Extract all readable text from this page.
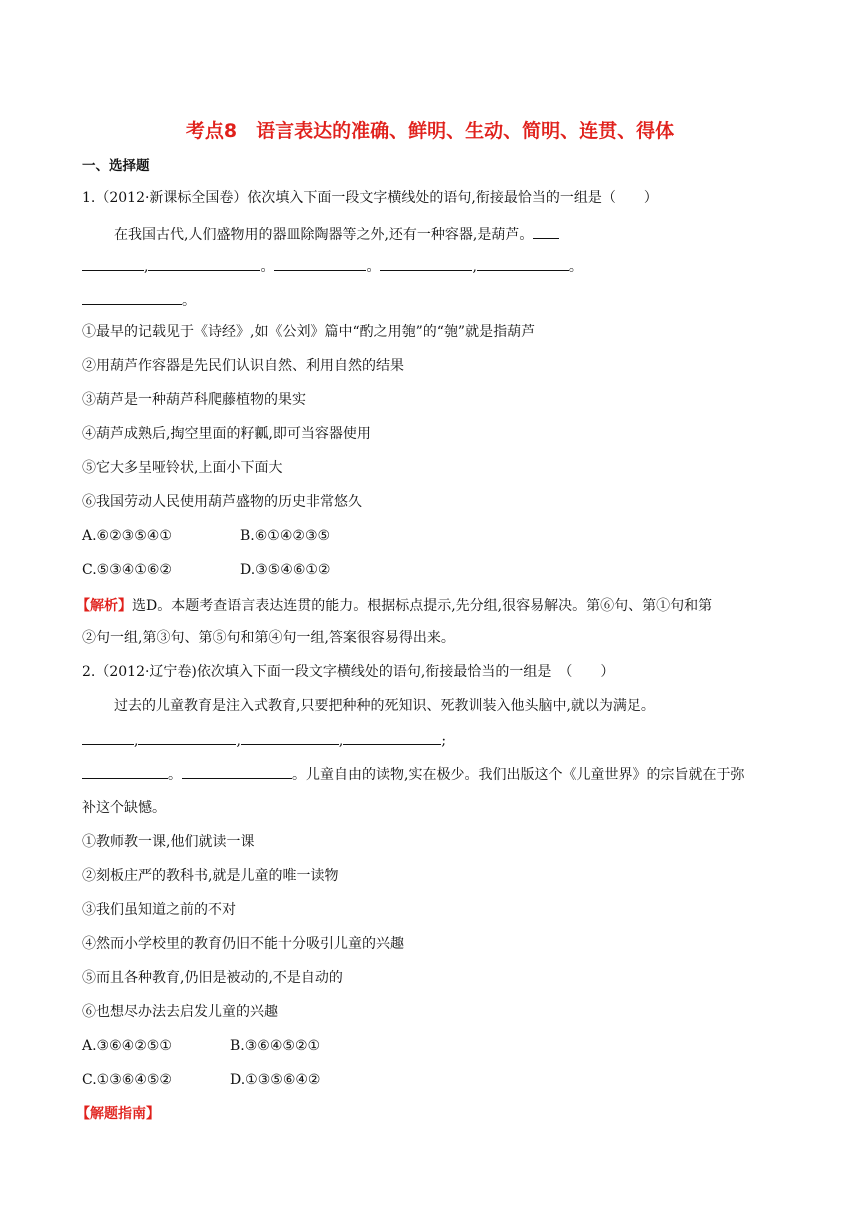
考点8　语言表达的准确、鲜明、生动、简明、连贯、得体
一、选择题
1.（2012·新课标全国卷）依次填入下面一段文字横线处的语句,衔接最恰当的一组是（　　）
在我国古代,人们盛物用的器皿除陶器等之外,还有一种容器,是葫芦。
,	。	。	,	。
。
①最早的记载见于《诗经》,如《公刘》篇中“酌之用匏”的“匏”就是指葫芦
②用葫芦作容器是先民们认识自然、利用自然的结果
③葫芦是一种葫芦科爬藤植物的果实
④葫芦成熟后,掏空里面的籽瓤,即可当容器使用
⑤它大多呈哑铃状,上面小下面大
⑥我国劳动人民使用葫芦盛物的历史非常悠久
A.⑥②③⑤④①	B.⑥①④②③⑤
C.⑤③④①⑥②	D.③⑤④⑥①②
【解析】选D。本题考查语言表达连贯的能力。根据标点提示,先分组,很容易解决。第⑥句、第①句和第
②句一组,第③句、第⑤句和第④句一组,答案很容易得出来。
2.（2012·辽宁卷)依次填入下面一段文字横线处的语句,衔接最恰当的一组是　（　　）
过去的儿童教育是注入式教育,只要把种种的死知识、死教训装入他头脑中,就以为满足。
,	,	,	;
。	。儿童自由的读物,实在极少。我们出版这个《儿童世界》的宗旨就在于弥
补这个缺憾。
①教师教一课,他们就读一课
②刻板庄严的教科书,就是儿童的唯一读物
③我们虽知道之前的不对
④然而小学校里的教育仍旧不能十分吸引儿童的兴趣
⑤而且各种教育,仍旧是被动的,不是自动的
⑥也想尽办法去启发儿童的兴趣
A.③⑥④②⑤①	B.③⑥④⑤②①
C.①③⑥④⑤②	D.①③⑤⑥④②
【解题指南】
